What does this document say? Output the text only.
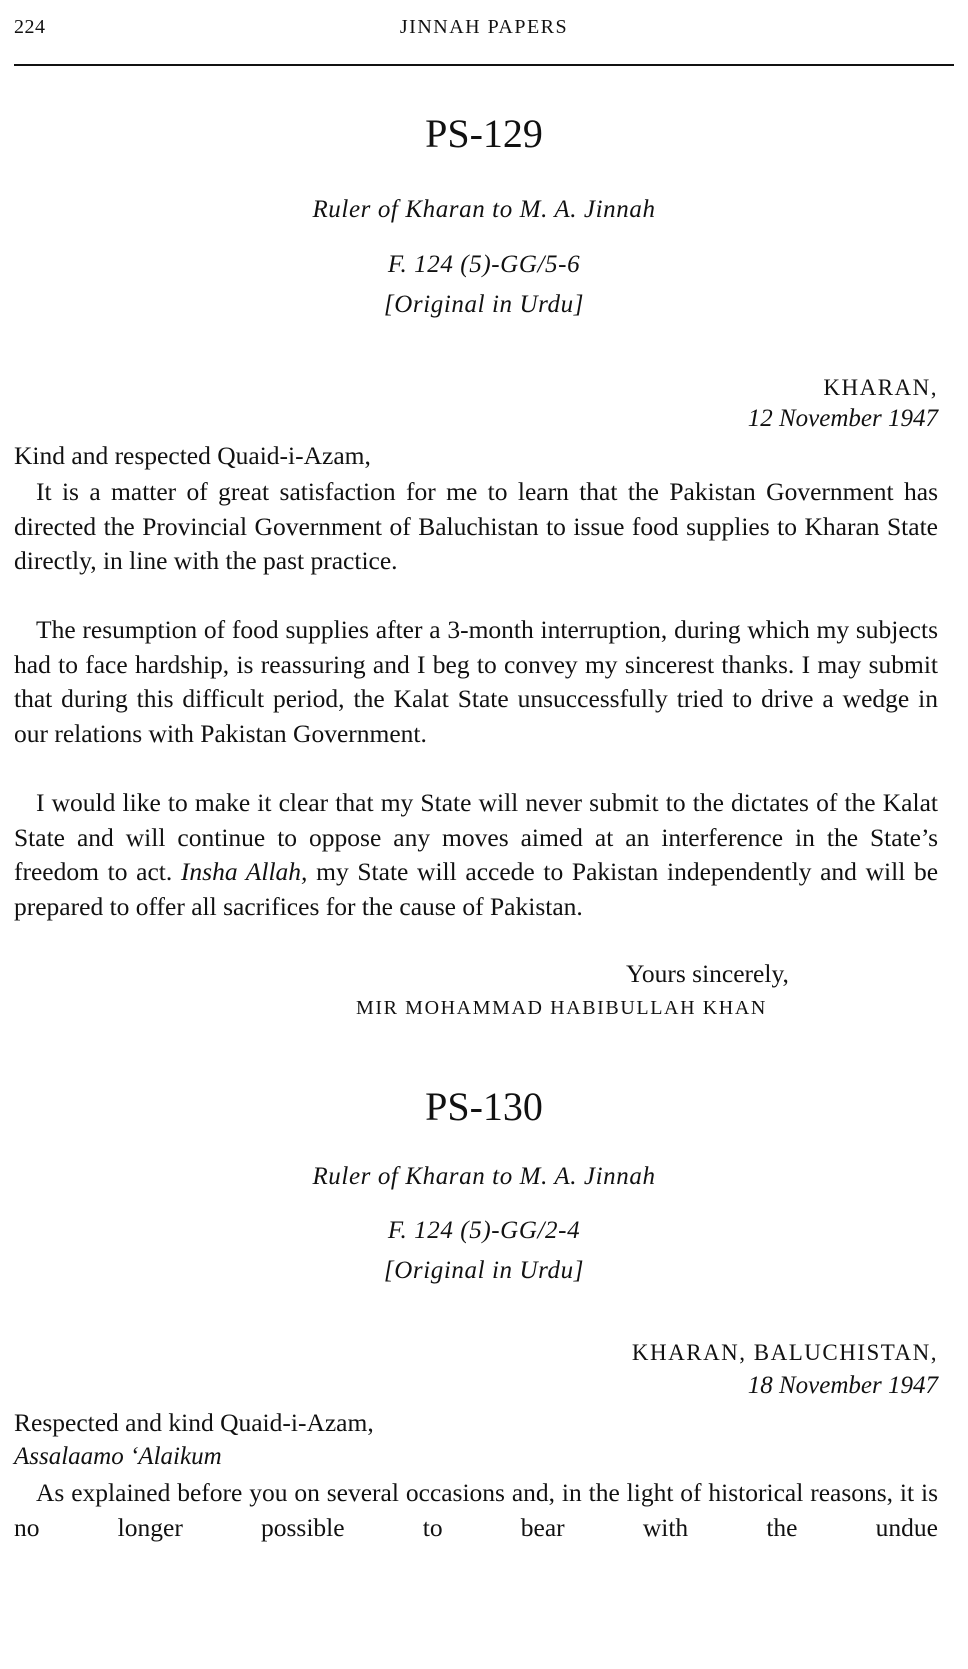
224	JINNAH PAPERS
PS-129
Ruler of Kharan to M. A. Jinnah
F. 124 (5)-GG/5-6
[Original in Urdu]
KHARAN,
12 November 1947
Kind and respected Quaid-i-Azam,

It is a matter of great satisfaction for me to learn that the Pakistan Government has directed the Provincial Government of Baluchistan to issue food supplies to Kharan State directly, in line with the past practice.

The resumption of food supplies after a 3-month interruption, during which my subjects had to face hardship, is reassuring and I beg to convey my sincerest thanks. I may submit that during this difficult period, the Kalat State unsuccessfully tried to drive a wedge in our relations with Pakistan Government.

I would like to make it clear that my State will never submit to the dictates of the Kalat State and will continue to oppose any moves aimed at an interference in the State’s freedom to act. Insha Allah, my State will accede to Pakistan independently and will be prepared to offer all sacrifices for the cause of Pakistan.

Yours sincerely,
MIR MOHAMMAD HABIBULLAH KHAN
PS-130
Ruler of Kharan to M. A. Jinnah
F. 124 (5)-GG/2-4
[Original in Urdu]
KHARAN, BALUCHISTAN,
18 November 1947
Respected and kind Quaid-i-Azam,
Assalaamo ‘Alaikum

As explained before you on several occasions and, in the light of historical reasons, it is no longer possible to bear with the undue
